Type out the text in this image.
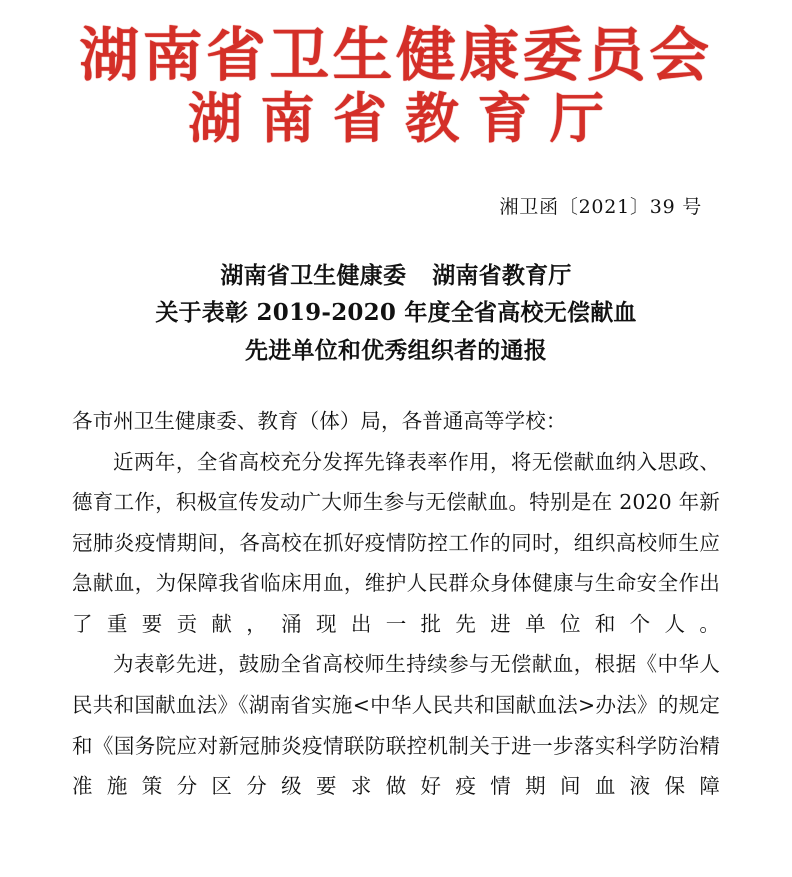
湖南省卫生健康委员会
湖南省教育厅
湘卫函〔2021〕39 号
湖南省卫生健康委 湖南省教育厅
关于表彰 2019-2020 年度全省高校无偿献血
先进单位和优秀组织者的通报
各市州卫生健康委、教育（体）局，各普通高等学校：

近两年，全省高校充分发挥先锋表率作用，将无偿献血纳入思政、德育工作，积极宣传发动广大师生参与无偿献血。特别是在 2020 年新冠肺炎疫情期间，各高校在抓好疫情防控工作的同时，组织高校师生应急献血，为保障我省临床用血，维护人民群众身体健康与生命安全作出了重要贡献，涌现出一批先进单位和个人。

为表彰先进，鼓励全省高校师生持续参与无偿献血，根据《中华人民共和国献血法》《湖南省实施<中华人民共和国献血法>办法》的规定和《国务院应对新冠肺炎疫情联防联控机制关于进一步落实科学防治精准施策分区分级要求做好疫情期间血液保障
